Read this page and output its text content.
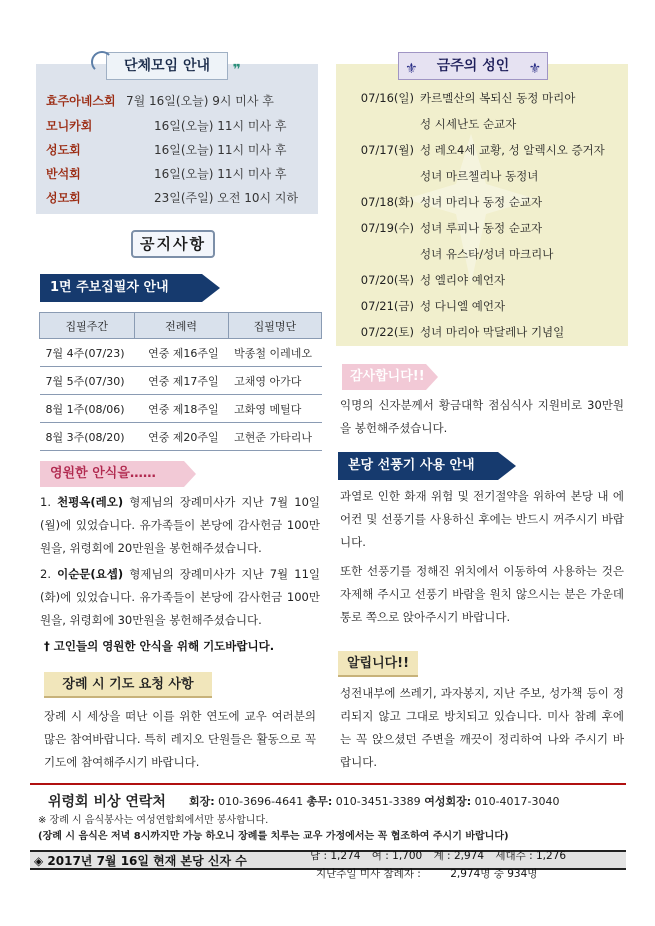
단체모임 안내 ❞
효주아녜스회 7월 16일(오늘) 9시 미사 후
모니카회	16일(오늘) 11시 미사 후
성도회	16일(오늘) 11시 미사 후
반석회	16일(오늘) 11시 미사 후
성모회	23일(주일) 오전 10시 지하
공지사항
1면 주보집필자 안내
집필주간	전례력	집필명단
7월 4주(07/23)	연중 제16주일	박종철 이레네오
7월 5주(07/30)	연중 제17주일	고채영 아가다
8월 1주(08/06)	연중 제18주일	고화영 메틸다
8월 3주(08/20)	연중 제20주일	고현준 가타리나
영원한 안식을……
1. 천평옥(레오) 형제님의 장례미사가 지난 7월 10일(월)에 있었습니다. 유가족들이 본당에 감사헌금 100만원을, 위령회에 20만원을 봉헌해주셨습니다.
2. 이순문(요셉) 형제님의 장례미사가 지난 7월 11일(화)에 있었습니다. 유가족들이 본당에 감사헌금 100만원을, 위령회에 30만원을 봉헌해주셨습니다.
† 고인들의 영원한 안식을 위해 기도바랍니다.
장례 시 기도 요청 사항
장례 시 세상을 떠난 이를 위한 연도에 교우 여러분의 많은 참여바랍니다. 특히 레지오 단원들은 활동으로 꼭 기도에 참여해주시기 바랍니다.
⚜ 금주의 성인 ⚜
07/16(일) 카르멜산의 복되신 동정 마리아
성 시세난도 순교자
07/17(월) 성 레오4세 교황, 성 알렉시오 증거자
성녀 마르첼리나 동정녀
07/18(화) 성녀 마리나 동정 순교자
07/19(수) 성녀 루피나 동정 순교자
성녀 유스타/성녀 마크리나
07/20(목) 성 엘리야 예언자
07/21(금) 성 다니엘 예언자
07/22(토) 성녀 마리아 막달레나 기념일
감사합니다!!
익명의 신자분께서 황금대학 점심식사 지원비로 30만원을 봉헌해주셨습니다.
본당 선풍기 사용 안내
과열로 인한 화재 위험 및 전기절약을 위하여 본당 내 에어컨 및 선풍기를 사용하신 후에는 반드시 꺼주시기 바랍니다.
또한 선풍기를 정해진 위치에서 이동하여 사용하는 것은 자제해 주시고 선풍기 바람을 원치 않으시는 분은 가운데 통로 쪽으로 앉아주시기 바랍니다.
알립니다!!
성전내부에 쓰레기, 과자봉지, 지난 주보, 성가책 등이 정리되지 않고 그대로 방치되고 있습니다. 미사 참례 후에는 꼭 앉으셨던 주변을 깨끗이 정리하여 나와 주시기 바랍니다.
위령회 비상 연락처 회장: 010-3696-4641 총무: 010-3451-3389 여성회장: 010-4017-3040
※ 장례 시 음식봉사는 여성연합회에서만 봉사합니다.
(장례 시 음식은 저녁 8시까지만 가능 하오니 장례를 치루는 교우 가정에서는 꼭 협조하여 주시기 바랍니다)
◈ 2017년 7월 16일 현재 본당 신자 수	남 : 1,274 여 : 1,700 계 : 2,974 세대수 : 1,276
지난주일 미사 참례자 :	2,974명 중 934명
